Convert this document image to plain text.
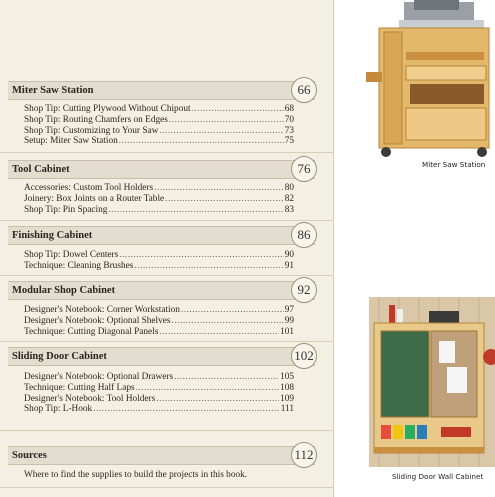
Miter Saw Station	66
Shop Tip: Cutting Plywood Without Chipout .....	68
Shop Tip: Routing Chamfers on Edges .....	70
Shop Tip: Customizing to Your Saw .....	73
Setup: Miter Saw Station .....	75
Tool Cabinet	76
Accessories: Custom Tool Holders .....	80
Joinery: Box Joints on a Router Table .....	82
Shop Tip: Pin Spacing .....	83
Finishing Cabinet	86
Shop Tip: Dowel Centers .....	90
Technique: Cleaning Brushes .....	91
Modular Shop Cabinet	92
Designer's Notebook: Corner Workstation .....	97
Designer's Notebook: Optional Shelves .....	99
Technique: Cutting Diagonal Panels .....	101
Sliding Door Cabinet	102
Designer's Notebook: Optional Drawers .....	105
Technique: Cutting Half Laps .....	108
Designer's Notebook: Tool Holders .....	109
Shop Tip: L-Hook .....	111
Sources	112
Where to find the supplies to build the projects in this book.
Miter Saw Station
Sliding Door Wall Cabinet
